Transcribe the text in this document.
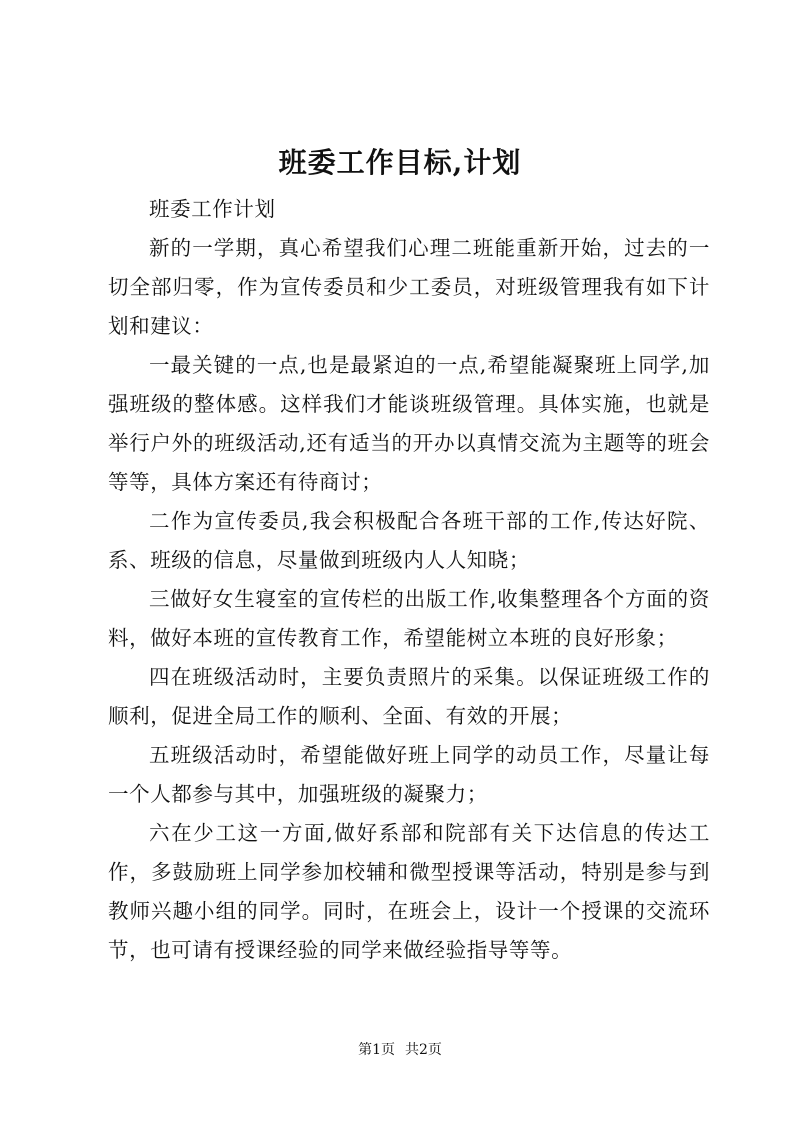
班委工作目标,计划

班委工作计划

新的一学期，真心希望我们心理二班能重新开始，过去的一切全部归零，作为宣传委员和少工委员，对班级管理我有如下计划和建议：

一最关键的一点,也是最紧迫的一点,希望能凝聚班上同学,加强班级的整体感。这样我们才能谈班级管理。具体实施，也就是举行户外的班级活动,还有适当的开办以真情交流为主题等的班会等等，具体方案还有待商讨；

二作为宣传委员,我会积极配合各班干部的工作,传达好院、系、班级的信息，尽量做到班级内人人知晓；

三做好女生寝室的宣传栏的出版工作,收集整理各个方面的资料，做好本班的宣传教育工作，希望能树立本班的良好形象；

四在班级活动时，主要负责照片的采集。以保证班级工作的顺利，促进全局工作的顺利、全面、有效的开展；

五班级活动时，希望能做好班上同学的动员工作，尽量让每一个人都参与其中，加强班级的凝聚力；

六在少工这一方面,做好系部和院部有关下达信息的传达工作，多鼓励班上同学参加校辅和微型授课等活动，特别是参与到教师兴趣小组的同学。同时，在班会上，设计一个授课的交流环节，也可请有授课经验的同学来做经验指导等等。

第1页 共2页
